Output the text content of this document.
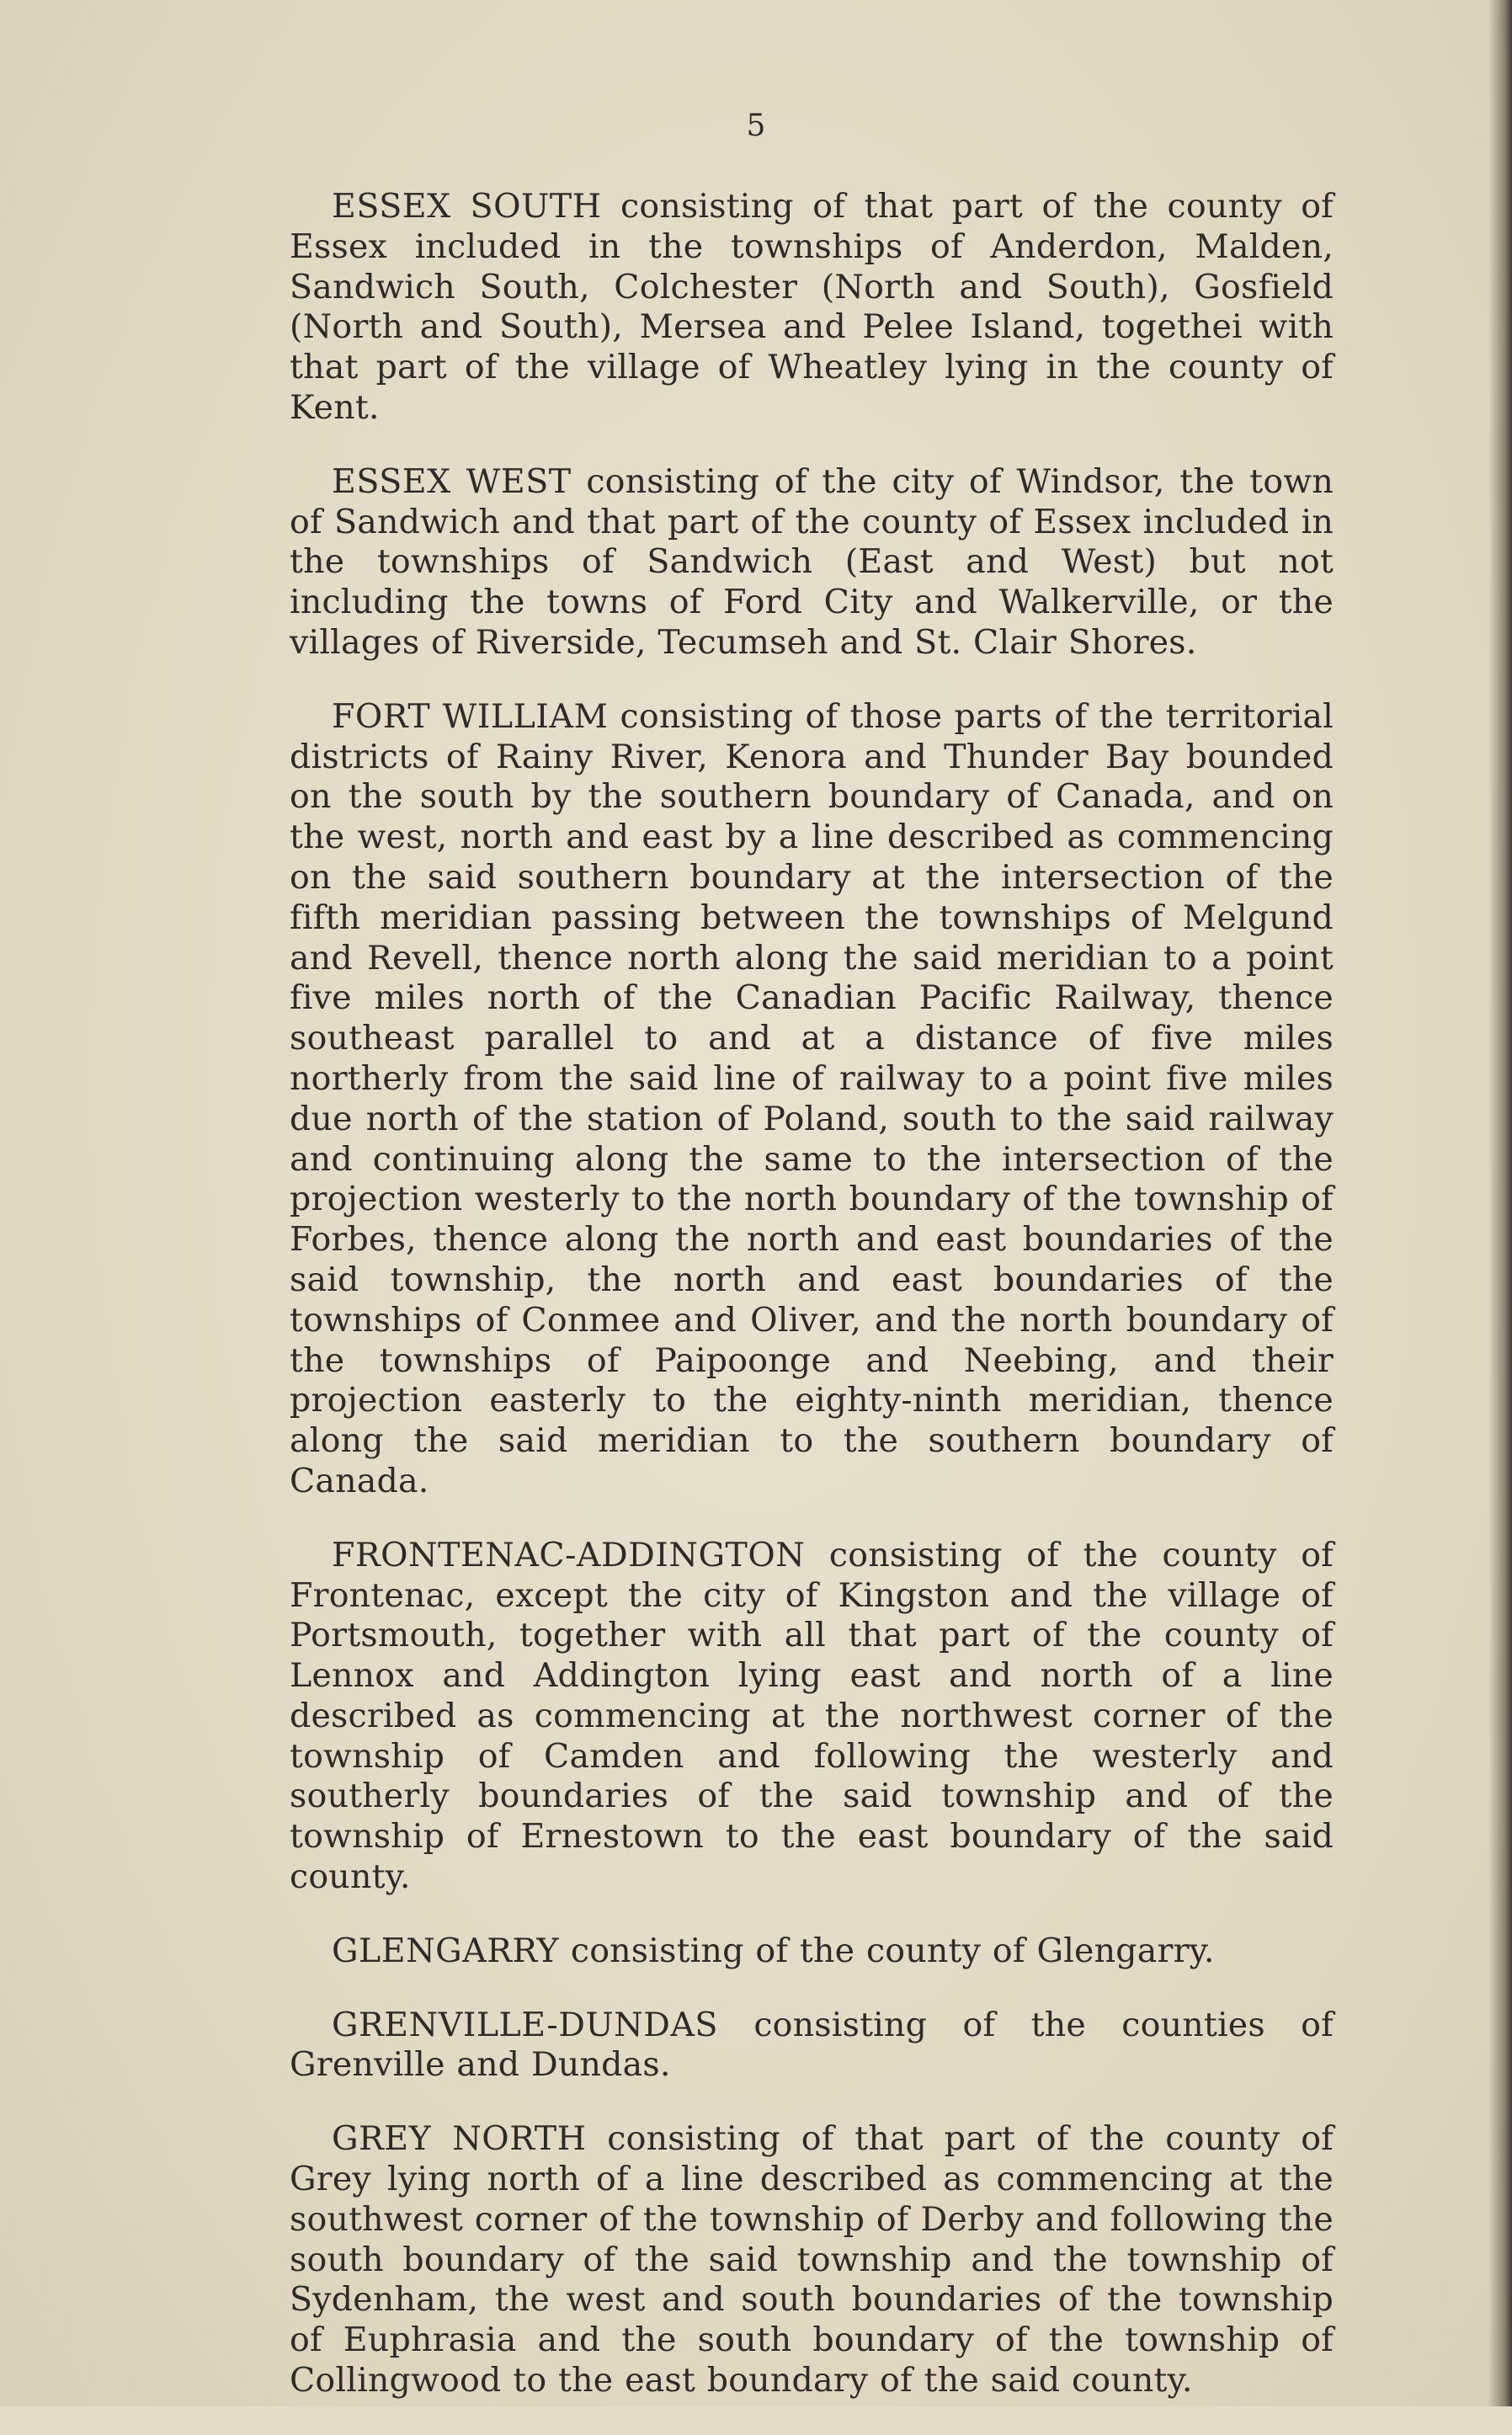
5

ESSEX SOUTH consisting of that part of the county of Essex included in the townships of Anderdon, Malden, Sandwich South, Colchester (North and South), Gosfield (North and South), Mersea and Pelee Island, togethei with that part of the village of Wheatley lying in the county of Kent.

ESSEX WEST consisting of the city of Windsor, the town of Sandwich and that part of the county of Essex included in the townships of Sandwich (East and West) but not including the towns of Ford City and Walkerville, or the villages of Riverside, Tecumseh and St. Clair Shores.

FORT WILLIAM consisting of those parts of the territorial districts of Rainy River, Kenora and Thunder Bay bounded on the south by the southern boundary of Canada, and on the west, north and east by a line described as commencing on the said southern boundary at the intersection of the fifth meridian passing between the townships of Melgund and Revell, thence north along the said meridian to a point five miles north of the Canadian Pacific Railway, thence southeast parallel to and at a distance of five miles northerly from the said line of railway to a point five miles due north of the station of Poland, south to the said railway and continuing along the same to the intersection of the projection westerly to the north boundary of the township of Forbes, thence along the north and east boundaries of the said township, the north and east boundaries of the townships of Conmee and Oliver, and the north boundary of the townships of Paipoonge and Neebing, and their projection easterly to the eighty-ninth meridian, thence along the said meridian to the southern boundary of Canada.

FRONTENAC-ADDINGTON consisting of the county of Frontenac, except the city of Kingston and the village of Portsmouth, together with all that part of the county of Lennox and Addington lying east and north of a line described as commencing at the northwest corner of the township of Camden and following the westerly and southerly boundaries of the said township and of the township of Ernestown to the east boundary of the said county.

GLENGARRY consisting of the county of Glengarry.

GRENVILLE-DUNDAS consisting of the counties of Grenville and Dundas.

GREY NORTH consisting of that part of the county of Grey lying north of a line described as commencing at the southwest corner of the township of Derby and following the south boundary of the said township and the township of Sydenham, the west and south boundaries of the township of Euphrasia and the south boundary of the township of Collingwood to the east boundary of the said county.
